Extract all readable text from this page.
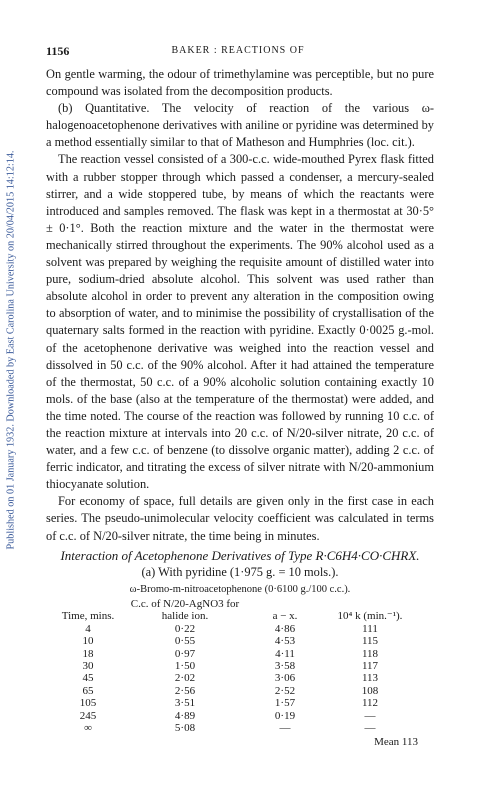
Published on 01 January 1932. Downloaded by East Carolina University on 20/04/2015 14:12:14.
1156	BAKER : REACTIONS OF

On gentle warming, the odour of trimethylamine was perceptible, but no pure compound was isolated from the decomposition products.

(b) Quantitative. The velocity of reaction of the various ω-halogenoacetophenone derivatives with aniline or pyridine was determined by a method essentially similar to that of Matheson and Humphries (loc. cit.).

The reaction vessel consisted of a 300-c.c. wide-mouthed Pyrex flask fitted with a rubber stopper through which passed a condenser, a mercury-sealed stirrer, and a wide stoppered tube, by means of which the reactants were introduced and samples removed. The flask was kept in a thermostat at 30·5° ± 0·1°. Both the reaction mixture and the water in the thermostat were mechanically stirred throughout the experiments. The 90% alcohol used as a solvent was prepared by weighing the requisite amount of distilled water into pure, sodium-dried absolute alcohol. This solvent was used rather than absolute alcohol in order to prevent any alteration in the composition owing to absorption of water, and to minimise the possibility of crystallisation of the quaternary salts formed in the reaction with pyridine. Exactly 0·0025 g.-mol. of the acetophenone derivative was weighed into the reaction vessel and dissolved in 50 c.c. of the 90% alcohol. After it had attained the temperature of the thermostat, 50 c.c. of a 90% alcoholic solution containing exactly 10 mols. of the base (also at the temperature of the thermostat) were added, and the time noted. The course of the reaction was followed by running 10 c.c. of the reaction mixture at intervals into 20 c.c. of N/20-silver nitrate, 20 c.c. of water, and a few c.c. of benzene (to dissolve organic matter), adding 2 c.c. of ferric indicator, and titrating the excess of silver nitrate with N/20-ammonium thiocyanate solution.

For economy of space, full details are given only in the first case in each series. The pseudo-unimolecular velocity coefficient was calculated in terms of c.c. of N/20-silver nitrate, the time being in minutes.

Interaction of Acetophenone Derivatives of Type R·C6H4·CO·CHRX.
(a) With pyridine (1·975 g. = 10 mols.).
ω-Bromo-m-nitroacetophenone (0·6100 g./100 c.c.).
Time, mins.	C.c. of N/20-AgNO3 for halide ion.	a − x.	10⁴ k (min.⁻¹).
4	0·22	4·86	111
10	0·55	4·53	115
18	0·97	4·11	118
30	1·50	3·58	117
45	2·02	3·06	113
65	2·56	2·52	108
105	3·51	1·57	112
245	4·89	0·19	—
∞	5·08	—	—
Mean 113
